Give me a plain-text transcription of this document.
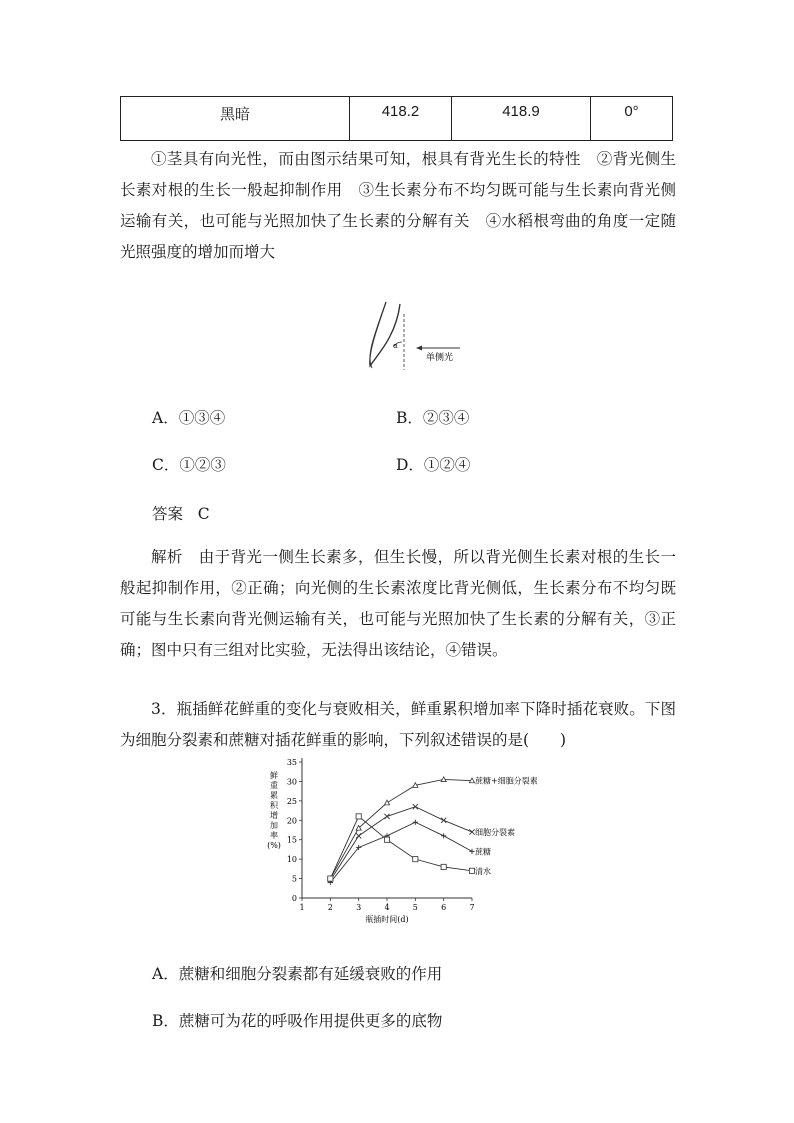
黑暗	418.2	418.9	0°
①茎具有向光性，而由图示结果可知，根具有背光生长的特性　②背光侧生长素对根的生长一般起抑制作用　③生长素分布不均匀既可能与生长素向背光侧运输有关，也可能与光照加快了生长素的分解有关　④水稻根弯曲的角度一定随光照强度的增加而增大
α
单侧光
A．①③④	B．②③④
C．①②③	D．①②④
答案 C
解析　 由于背光一侧生长素多，但生长慢，所以背光侧生长素对根的生长一般起抑制作用，②正确；向光侧的生长素浓度比背光侧低，生长素分布不均匀既可能与生长素向背光侧运输有关，也可能与光照加快了生长素的分解有关，③正确；图中只有三组对比实验，无法得出该结论，④错误。
3．瓶插鲜花鲜重的变化与衰败相关，鲜重累积增加率下降时插花衰败。下图为细胞分裂素和蔗糖对插花鲜重的影响，下列叙述错误的是(　　)
0
5
10
15
20
25
30
35
1	2	3	4	5	6	7
瓶插时间(d)
鲜重累积增加率(%)
蔗糖+细胞分裂素
细胞分裂素
蔗糖
清水
A．蔗糖和细胞分裂素都有延缓衰败的作用
B．蔗糖可为花的呼吸作用提供更多的底物
